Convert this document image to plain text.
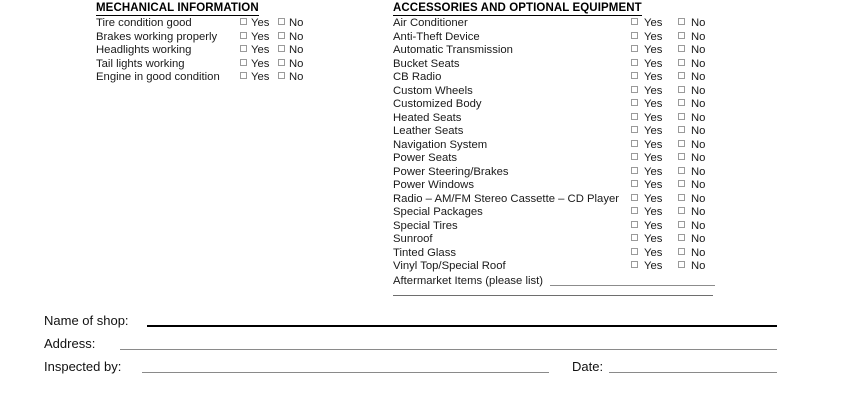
MECHANICAL INFORMATION
Tire condition good	Yes	No
Brakes working properly	Yes	No
Headlights working	Yes	No
Tail lights working	Yes	No
Engine in good condition	Yes	No
ACCESSORIES AND OPTIONAL EQUIPMENT
Air Conditioner	Yes	No
Anti-Theft Device	Yes	No
Automatic Transmission	Yes	No
Bucket Seats	Yes	No
CB Radio	Yes	No
Custom Wheels	Yes	No
Customized Body	Yes	No
Heated Seats	Yes	No
Leather Seats	Yes	No
Navigation System	Yes	No
Power Seats	Yes	No
Power Steering/Brakes	Yes	No
Power Windows	Yes	No
Radio – AM/FM Stereo Cassette – CD Player	Yes	No
Special Packages	Yes	No
Special Tires	Yes	No
Sunroof	Yes	No
Tinted Glass	Yes	No
Vinyl Top/Special Roof	Yes	No
Aftermarket Items (please list)
Name of shop:
Address:
Inspected by:	Date:
